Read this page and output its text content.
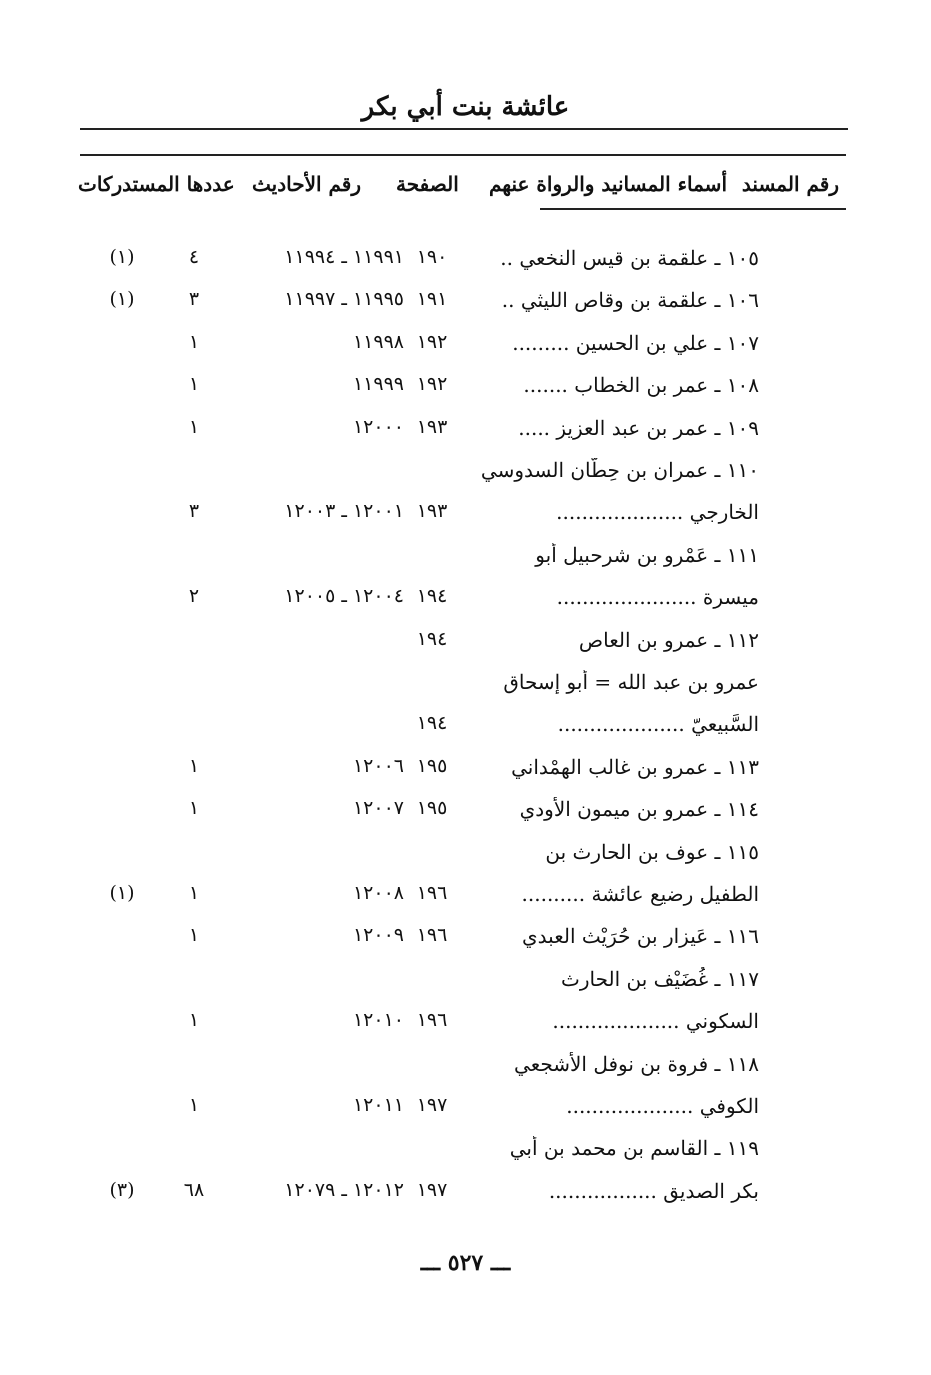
عائشة بنت أبي بكر
رقم المسند
أسماء المسانيد والرواة عنهم
الصفحة
رقم الأحاديث
عددها المستدركات
١٠٥ ـ علقمة بن قيس النخعي ..
١٩٠
١١٩٩١ ـ ١١٩٩٤
٤
(١)
١٠٦ ـ علقمة بن وقاص الليثي ..
١٩١
١١٩٩٥ ـ ١١٩٩٧
٣
(١)
١٠٧ ـ علي بن الحسين .........
١٩٢
١١٩٩٨
١
١٠٨ ـ عمر بن الخطاب .......
١٩٢
١١٩٩٩
١
١٠٩ ـ عمر بن عبد العزيز .....
١٩٣
١٢٠٠٠
١
١١٠ ـ عمران بن حِطّان السدوسي
الخارجي ....................
١٩٣
١٢٠٠١ ـ ١٢٠٠٣
٣
١١١ ـ عَمْرو بن شرحبيل أبو
ميسرة ......................
١٩٤
١٢٠٠٤ ـ ١٢٠٠٥
٢
١١٢ ـ عمرو بن العاص
١٩٤
عمرو بن عبد الله = أبو إسحاق
السَّبيعيّ ....................
١٩٤
١١٣ ـ عمرو بن غالب الهمْداني
١٩٥
١٢٠٠٦
١
١١٤ ـ عمرو بن ميمون الأودي
١٩٥
١٢٠٠٧
١
١١٥ ـ عوف بن الحارث بن
الطفيل رضيع عائشة ..........
١٩٦
١٢٠٠٨
١
(١)
١١٦ ـ عَيزار بن حُرَيْث العبدي
١٩٦
١٢٠٠٩
١
١١٧ ـ غُضَيْف بن الحارث
السكوني ....................
١٩٦
١٢٠١٠
١
١١٨ ـ فروة بن نوفل الأشجعي
الكوفي ....................
١٩٧
١٢٠١١
١
١١٩ ـ القاسم بن محمد بن أبي
بكر الصديق .................
١٩٧
١٢٠١٢ ـ ١٢٠٧٩
٦٨
(٣)
ـــ ٥٢٧ ـــ
